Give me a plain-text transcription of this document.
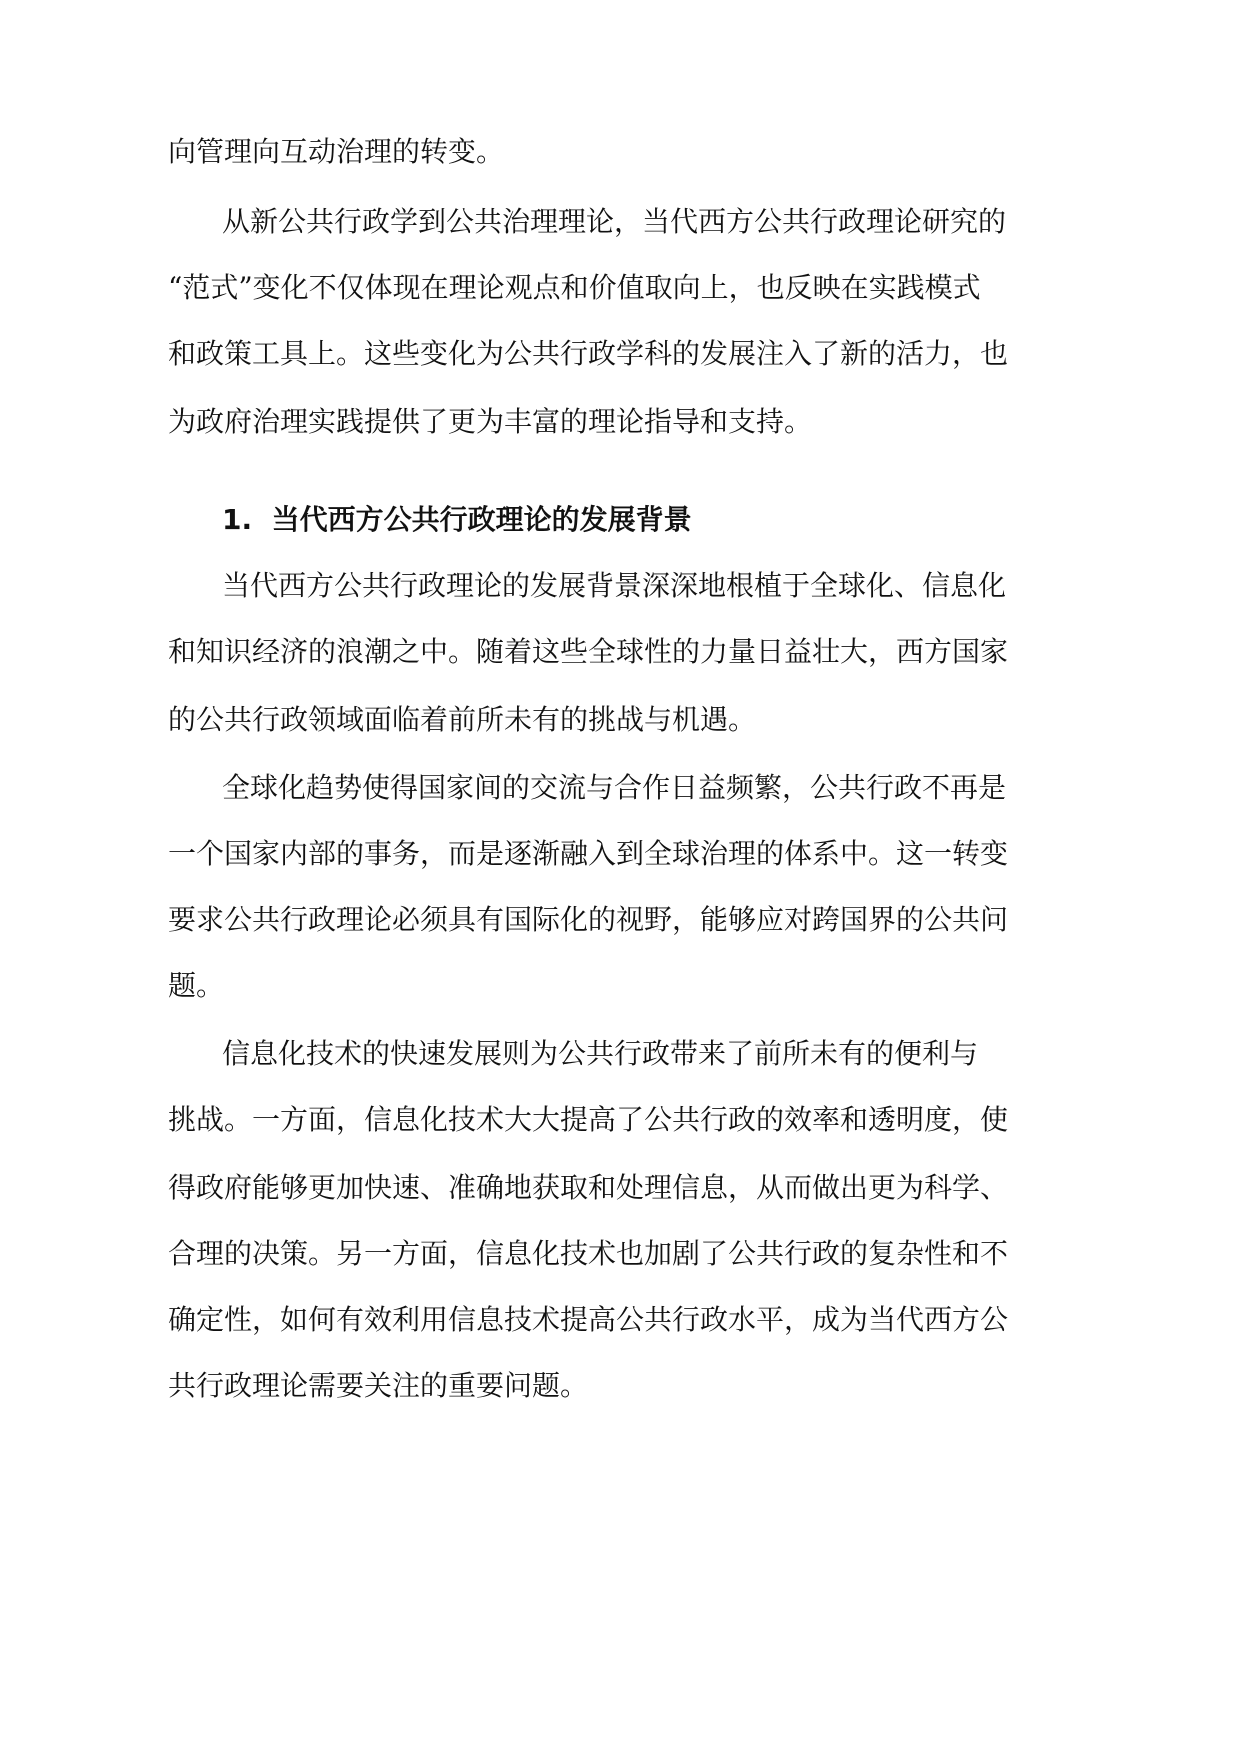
向管理向互动治理的转变。

从新公共行政学到公共治理理论，当代西方公共行政理论研究的

“范式”变化不仅体现在理论观点和价值取向上，也反映在实践模式

和政策工具上。这些变化为公共行政学科的发展注入了新的活力，也

为政府治理实践提供了更为丰富的理论指导和支持。

1. 当代西方公共行政理论的发展背景

当代西方公共行政理论的发展背景深深地根植于全球化、信息化

和知识经济的浪潮之中。随着这些全球性的力量日益壮大，西方国家

的公共行政领域面临着前所未有的挑战与机遇。

全球化趋势使得国家间的交流与合作日益频繁，公共行政不再是

一个国家内部的事务，而是逐渐融入到全球治理的体系中。这一转变

要求公共行政理论必须具有国际化的视野，能够应对跨国界的公共问

题。

信息化技术的快速发展则为公共行政带来了前所未有的便利与

挑战。一方面，信息化技术大大提高了公共行政的效率和透明度，使

得政府能够更加快速、准确地获取和处理信息，从而做出更为科学、

合理的决策。另一方面，信息化技术也加剧了公共行政的复杂性和不

确定性，如何有效利用信息技术提高公共行政水平，成为当代西方公

共行政理论需要关注的重要问题。
